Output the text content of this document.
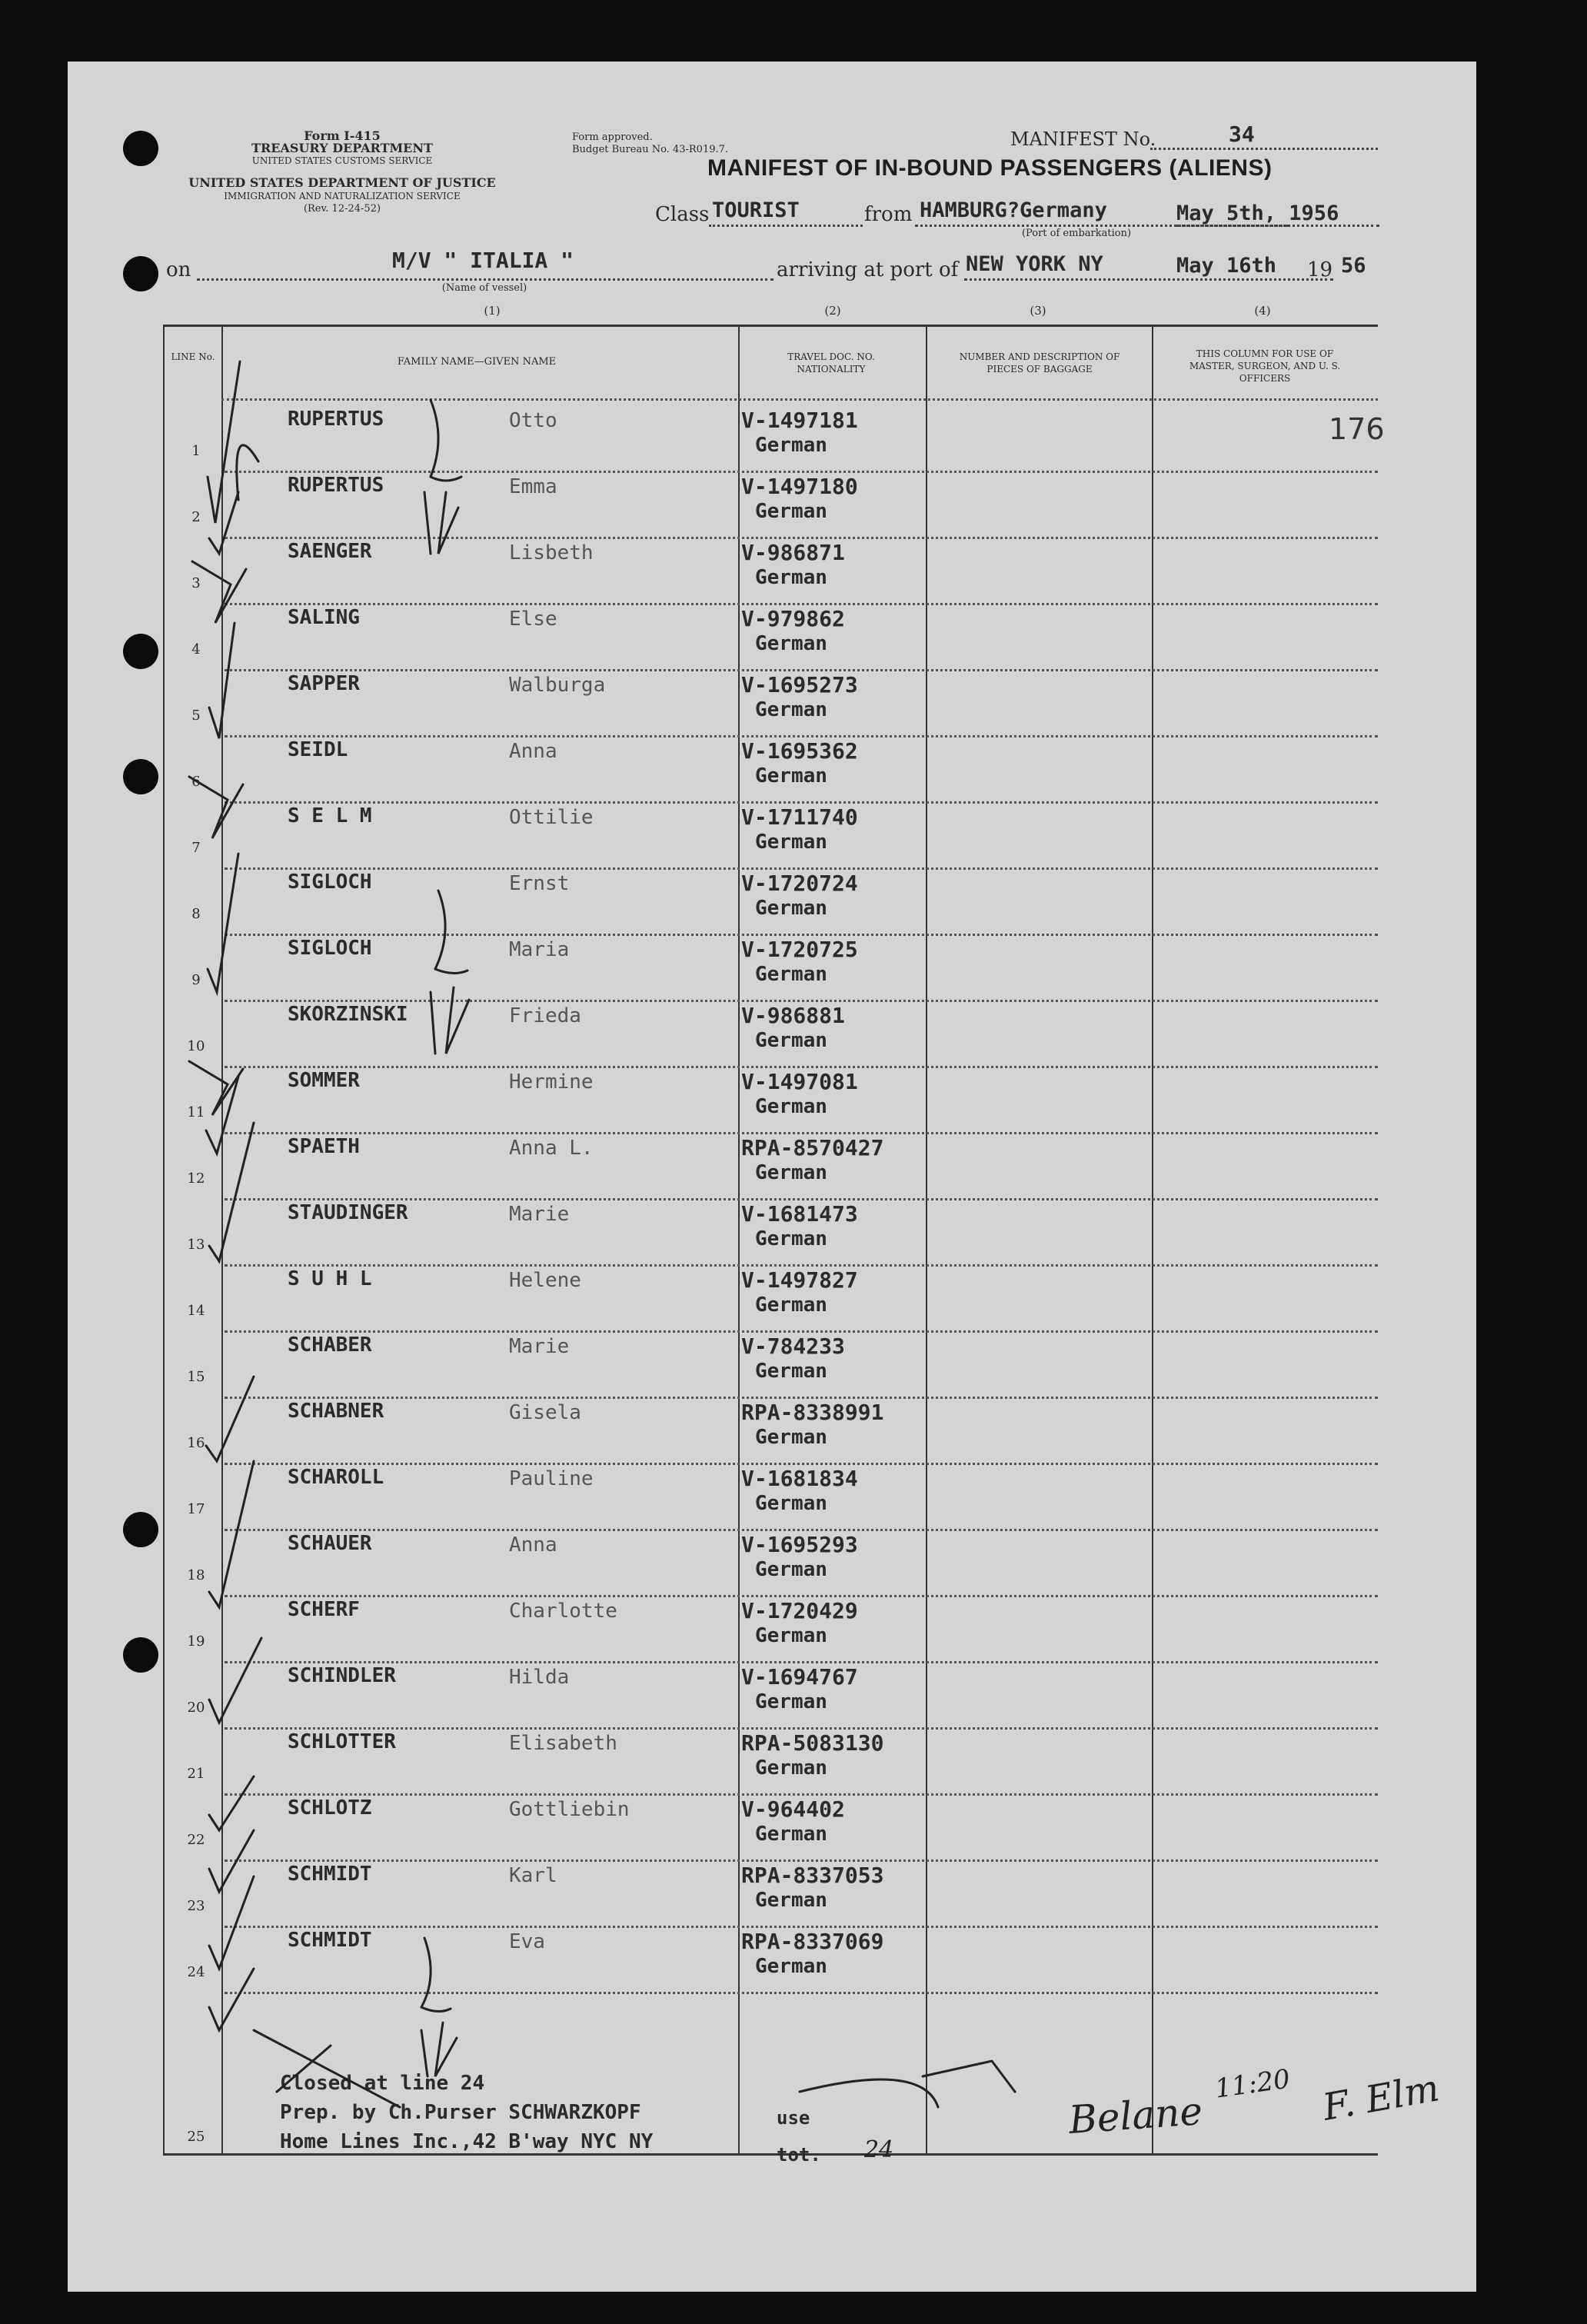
Form I-415
TREASURY DEPARTMENT
UNITED STATES CUSTOMS SERVICE
UNITED STATES DEPARTMENT OF JUSTICE
IMMIGRATION AND NATURALIZATION SERVICE
(Rev. 12-24-52)
Form approved.
Budget Bureau No. 43-R019.7.	MANIFEST No.	34
MANIFEST OF IN-BOUND PASSENGERS (ALIENS)
Class TOURIST	from HAMBURG?Germany	May 5th, 1956
(Port of embarkation)
on	M/V " ITALIA "
(Name of vessel)
arriving at port of NEW YORK NY	May 16th 19 56
(1)	(2)	(3)	(4)
LINE No.	FAMILY NAME—GIVEN NAME	TRAVEL DOC. NO. NATIONALITY
NUMBER AND DESCRIPTION OF PIECES OF BAGGAGE
THIS COLUMN FOR USE OF MASTER, SURGEON, AND U. S. OFFICERS
176
1
RUPERTUS	Otto	V-1497181
German
2
RUPERTUS	Emma	V-1497180
German
3
SAENGER	Lisbeth	V-986871
German
4
SALING	Else	V-979862
German
5
SAPPER	Walburga	V-1695273
German
6
SEIDL	Anna	V-1695362
German
7
S E L M	Ottilie	V-1711740
German
8
SIGLOCH	Ernst	V-1720724
German
9
SIGLOCH	Maria	V-1720725
German
10
SKORZINSKI	Frieda	V-986881
German
11
SOMMER	Hermine	V-1497081
German
12
SPAETH	Anna L.	RPA-8570427
German
13
STAUDINGER	Marie	V-1681473
German
14
S U H L	Helene	V-1497827
German
15
SCHABER	Marie	V-784233
German
16
SCHABNER	Gisela	RPA-8338991
German
17
SCHAROLL	Pauline	V-1681834
German
18
SCHAUER	Anna	V-1695293
German
19
SCHERF	Charlotte	V-1720429
German
20
SCHINDLER	Hilda	V-1694767
German
21
SCHLOTTER	Elisabeth	RPA-5083130
German
22
SCHLOTZ	Gottliebin	V-964402
German
23
SCHMIDT	Karl	RPA-8337053
German
24
SCHMIDT	Eva	RPA-8337069
German
25
Closed at line 24
Prep. by Ch.Purser SCHWARZKOPF
Home Lines Inc.,42 B'way NYC NY
use
tot. 24
11:20 F. Elm
Belane
